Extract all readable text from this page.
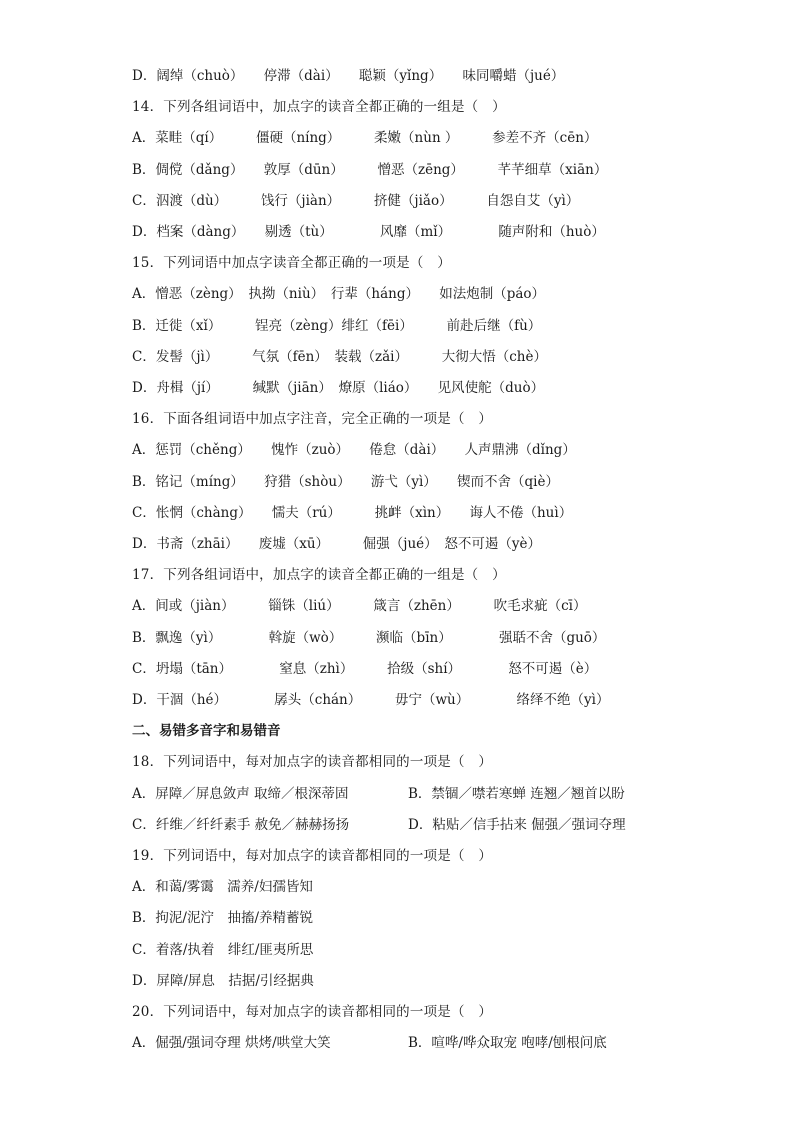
D．阔绰（chuò）　　停滞（dài）　　聪颖（yǐng）　　味同嚼蜡（jué）
14．下列各组词语中，加点字的读音全都正确的一组是（　）
A．菜畦（qí）　　　僵硬（níng）　　　柔嫩（nùn ）　　　参差不齐（cēn）
B．倜傥（dǎng）　　敦厚（dūn）　　　憎恶（zēng）　　　芊芊细草（xiān）
C．泅渡（dù）　　　饯行（jiàn）　　　挤健（jiǎo）　　　自怨自艾（yì）
D．档案（dàng）　　剔透（tù）　　　　风靡（mǐ）　　　　随声附和（huò）
15．下列词语中加点字读音全都正确的一项是（　）
A．憎恶（zèng）　执拗（niù）　行辈（háng）　　如法炮制（páo）
B．迁徙（xǐ）　　　锃亮（zèng）绯红（fēi）　　　前赴后继（fù）
C．发髻（jì）　　　气氛（fēn）　装载（zǎi）　　　大彻大悟（chè）
D．舟楫（jí）　　　缄默（jiān）　燎原（liáo）　　见风使舵（duò）
16．下面各组词语中加点字注音，完全正确的一项是（　）
A．惩罚（chěng）　　愧怍（zuò）　　倦怠（dài）　　人声鼎沸（dǐng）
B．铭记（míng）　　狩猎（shòu）　　游弋（yì）　　锲而不舍（qiè）
C．怅惘（chàng）　　懦夫（rú）　　　挑衅（xìn）　　诲人不倦（huì）
D．书斋（zhāi）　　废墟（xū）　　　倔强（jué）　怒不可遏（yè）
17．下列各组词语中，加点字的读音全都正确的一组是（　）
A．间或（jiàn）　　　锱铢（liú）　　　箴言（zhēn）　　　吹毛求疵（cī）
B．飘逸（yì）　　　　斡旋（wò）　　　濒临（bīn）　　　　强聒不舍（guō）
C．坍塌（tān）　　　　窒息（zhì）　　　拾级（shí）　　　　怒不可遏（è）
D．干涸（hé）　　　　孱头（chán）　　　毋宁（wù）　　　　络绎不绝（yì）
二、易错多音字和易错音
18．下列词语中，每对加点字的读音都相同的一项是（　）
A．屏障／屏息敛声 取缔／根深蒂固	B．禁锢／噤若寒蝉 连翘／翘首以盼
C．纤维／纤纤素手 赦免／赫赫扬扬	D．粘贴／信手拈来 倔强／强词夺理
19．下列词语中，每对加点字的读音都相同的一项是（　）
A．和蔼/雾霭　濡养/妇孺皆知
B．拘泥/泥泞　抽搐/养精蓄锐
C．着落/执着　绯红/匪夷所思
D．屏障/屏息　拮据/引经据典
20．下列词语中，每对加点字的读音都相同的一项是（　）
A．倔强/强词夺理 烘烤/哄堂大笑	B．喧哗/哗众取宠 咆哮/刨根问底
